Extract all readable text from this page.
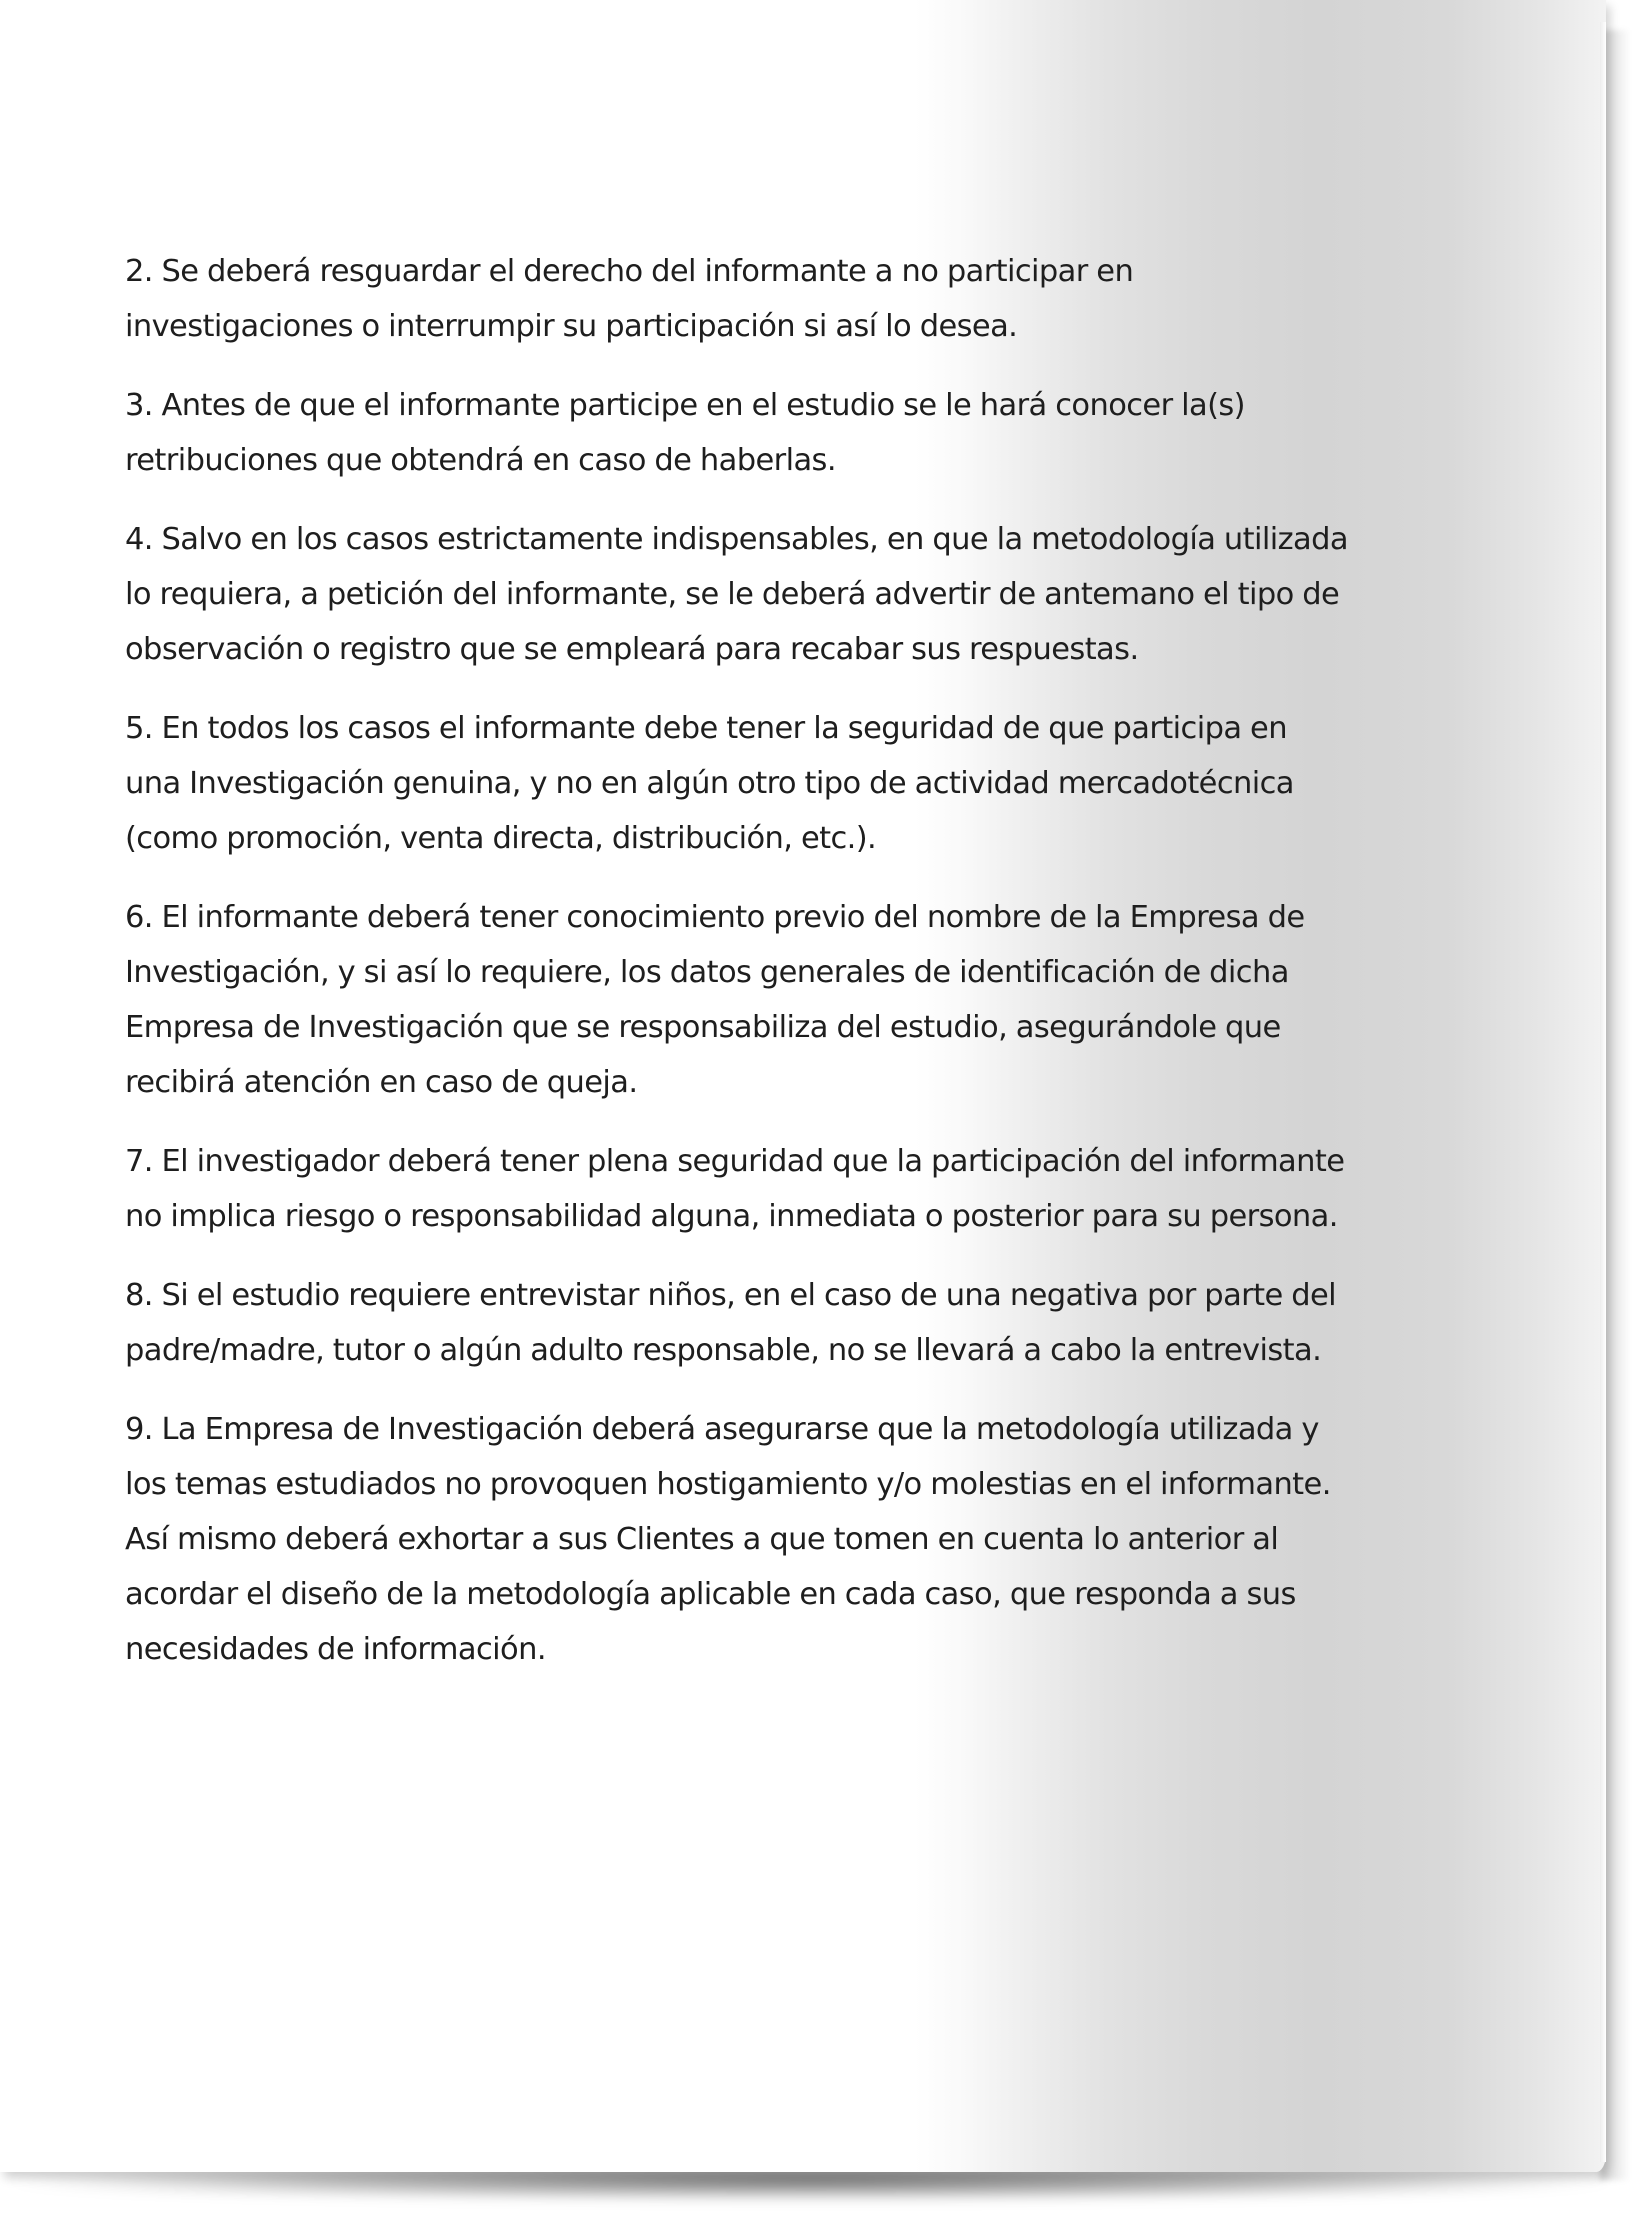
2. Se deberá resguardar el derecho del informante a no participar en
investigaciones o interrumpir su participación si así lo desea.

3. Antes de que el informante participe en el estudio se le hará conocer la(s)
retribuciones que obtendrá en caso de haberlas.

4. Salvo en los casos estrictamente indispensables, en que la metodología utilizada
lo requiera, a petición del informante, se le deberá advertir de antemano el tipo de
observación o registro que se empleará para recabar sus respuestas.

5. En todos los casos el informante debe tener la seguridad de que participa en
una Investigación genuina, y no en algún otro tipo de actividad mercadotécnica
(como promoción, venta directa, distribución, etc.).

6. El informante deberá tener conocimiento previo del nombre de la Empresa de
Investigación, y si así lo requiere, los datos generales de identificación de dicha
Empresa de Investigación que se responsabiliza del estudio, asegurándole que
recibirá atención en caso de queja.

7. El investigador deberá tener plena seguridad que la participación del informante
no implica riesgo o responsabilidad alguna, inmediata o posterior para su persona.

8. Si el estudio requiere entrevistar niños, en el caso de una negativa por parte del
padre/madre, tutor o algún adulto responsable, no se llevará a cabo la entrevista.

9. La Empresa de Investigación deberá asegurarse que la metodología utilizada y
los temas estudiados no provoquen hostigamiento y/o molestias en el informante.
Así mismo deberá exhortar a sus Clientes a que tomen en cuenta lo anterior al
acordar el diseño de la metodología aplicable en cada caso, que responda a sus
necesidades de información.
